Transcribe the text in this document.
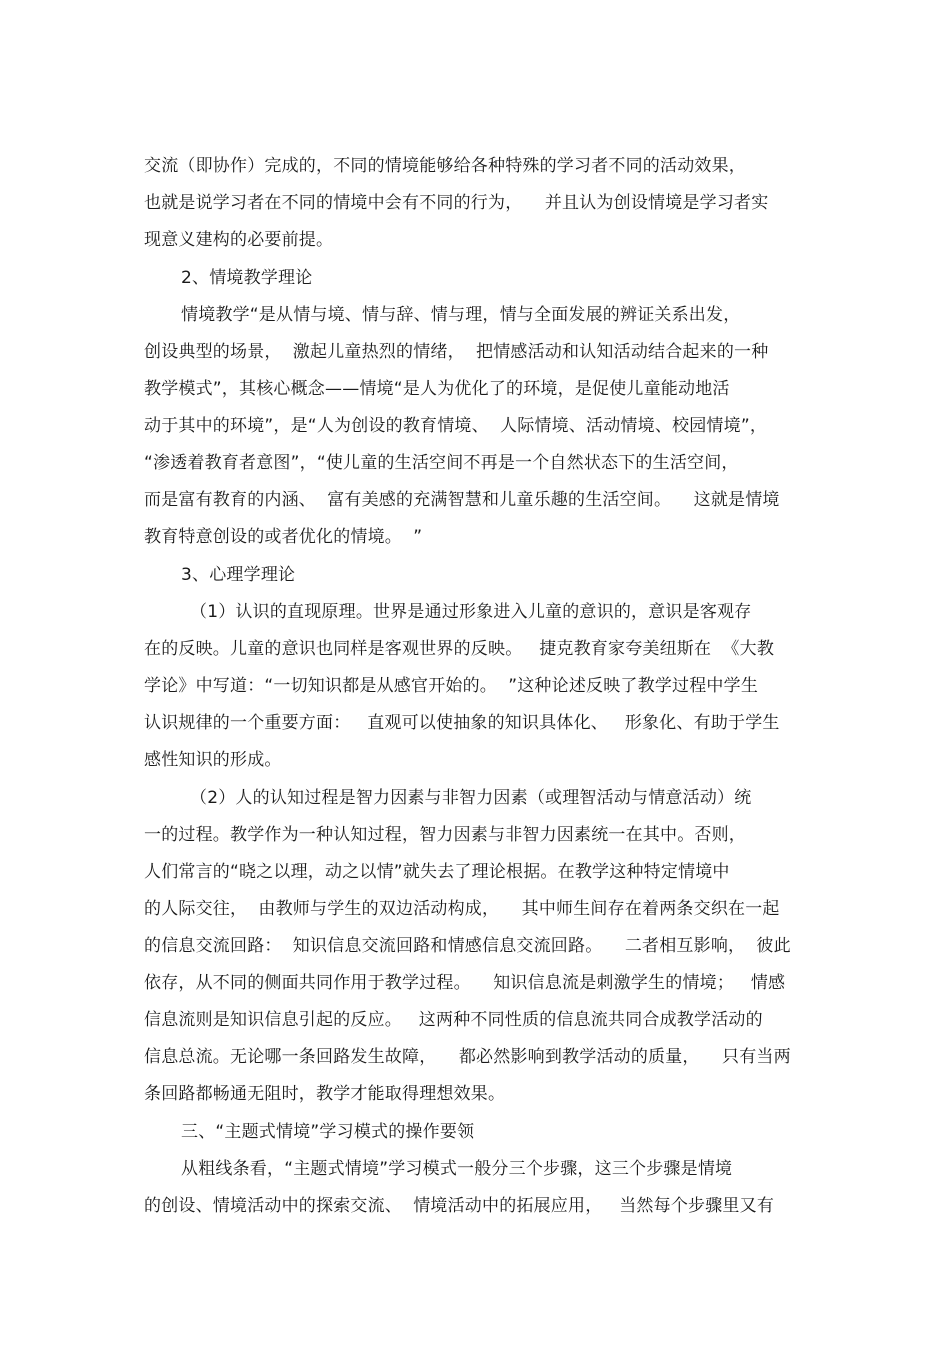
交流（即协作）完成的，不同的情境能够给各种特殊的学习者不同的活动效果，
也就是说学习者在不同的情境中会有不同的行为，    并且认为创设情境是学习者实
现意义建构的必要前提。
2、情境教学理论
情境教学“是从情与境、情与辞、情与理，情与全面发展的辨证关系出发，
创设典型的场景，  激起儿童热烈的情绪，  把情感活动和认知活动结合起来的一种
教学模式”，其核心概念——情境“是人为优化了的环境，是促使儿童能动地活
动于其中的环境”，是“人为创设的教育情境、  人际情境、活动情境、校园情境”，
“渗透着教育者意图”，“使儿童的生活空间不再是一个自然状态下的生活空间，
而是富有教育的内涵、  富有美感的充满智慧和儿童乐趣的生活空间。    这就是情境
教育特意创设的或者优化的情境。  ”
3、心理学理论
（1）认识的直现原理。世界是通过形象进入儿童的意识的，意识是客观存
在的反映。儿童的意识也同样是客观世界的反映。   捷克教育家夸美纽斯在  《大教
学论》中写道：“一切知识都是从感官开始的。  ”这种论述反映了教学过程中学生
认识规律的一个重要方面：   直观可以使抽象的知识具体化、   形象化、有助于学生
感性知识的形成。
（2）人的认知过程是智力因素与非智力因素（或理智活动与情意活动）统
一的过程。教学作为一种认知过程，智力因素与非智力因素统一在其中。否则，
人们常言的“晓之以理，动之以情”就失去了理论根据。在教学这种特定情境中
的人际交往，  由教师与学生的双边活动构成，    其中师生间存在着两条交织在一起
的信息交流回路：  知识信息交流回路和情感信息交流回路。    二者相互影响，  彼此
依存，从不同的侧面共同作用于教学过程。    知识信息流是刺激学生的情境；   情感
信息流则是知识信息引起的反应。   这两种不同性质的信息流共同合成教学活动的
信息总流。无论哪一条回路发生故障，    都必然影响到教学活动的质量，    只有当两
条回路都畅通无阻时，教学才能取得理想效果。
三、“主题式情境”学习模式的操作要领
从粗线条看，“主题式情境”学习模式一般分三个步骤，这三个步骤是情境
的创设、情境活动中的探索交流、  情境活动中的拓展应用，   当然每个步骤里又有
